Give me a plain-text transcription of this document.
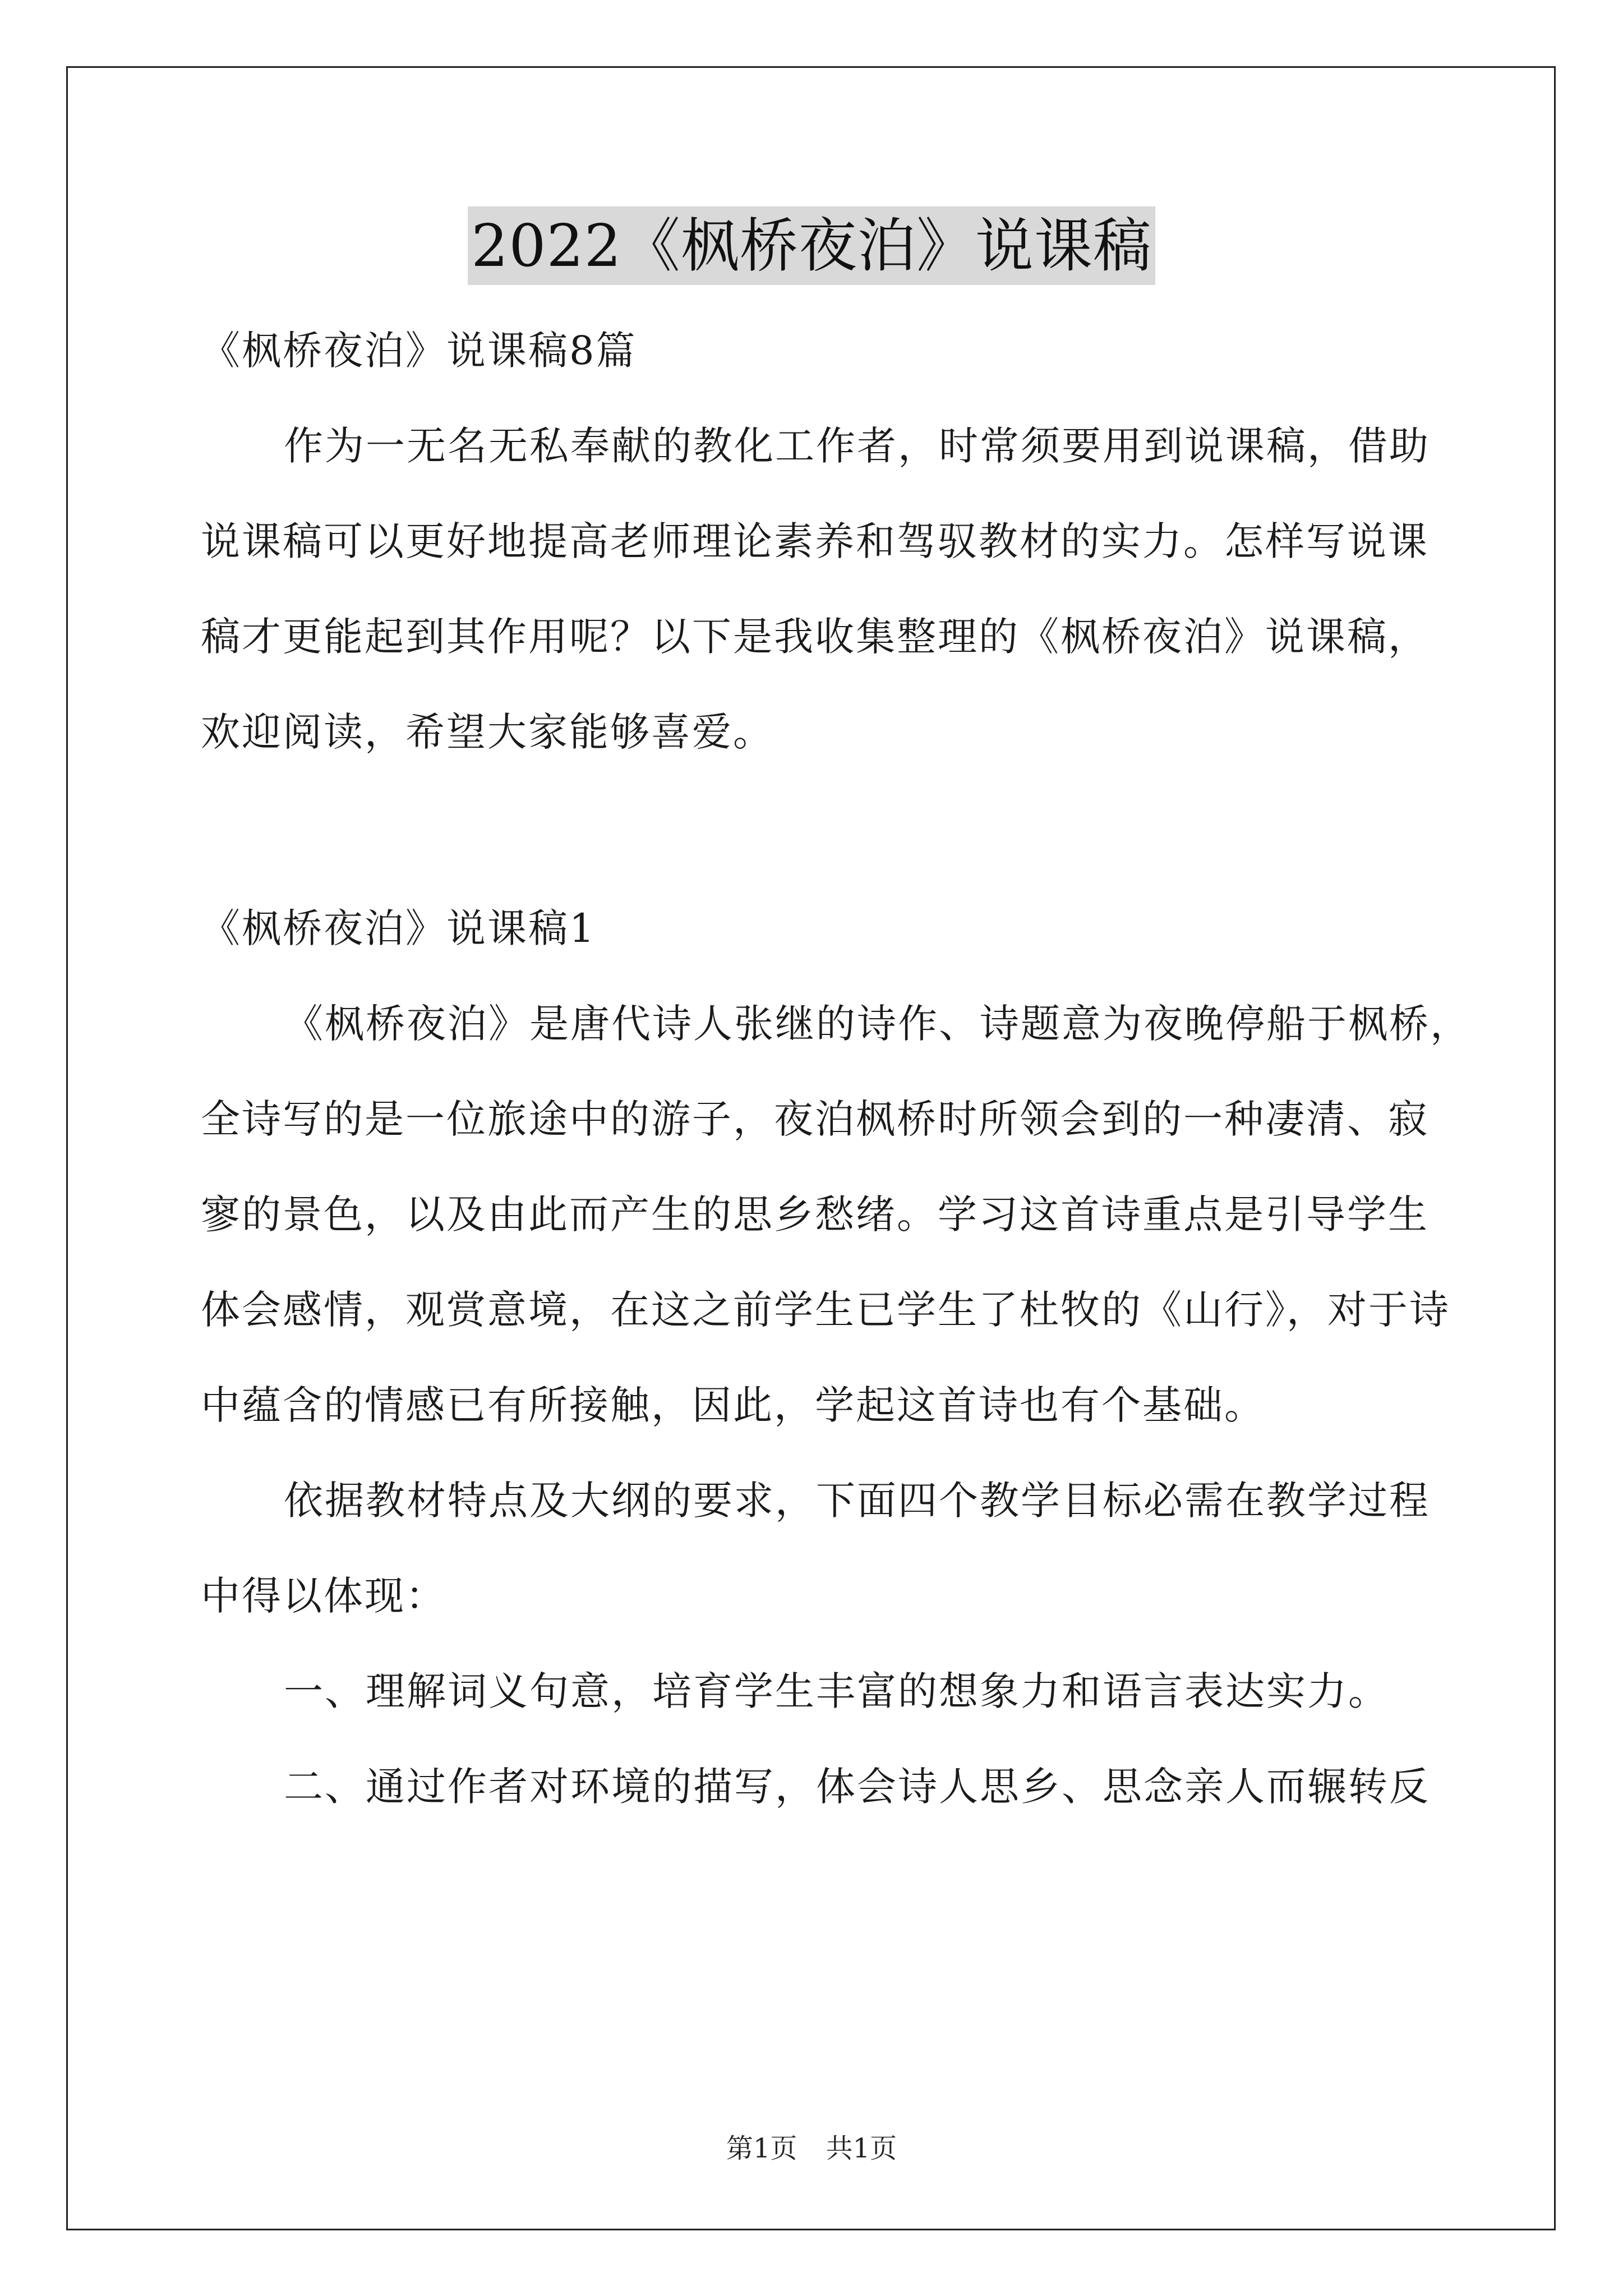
2022《枫桥夜泊》说课稿
《枫桥夜泊》说课稿8篇
作为一无名无私奉献的教化工作者，时常须要用到说课稿，借助
说课稿可以更好地提高老师理论素养和驾驭教材的实力。怎样写说课
稿才更能起到其作用呢？以下是我收集整理的《枫桥夜泊》说课稿，
欢迎阅读，希望大家能够喜爱。
《枫桥夜泊》说课稿1
《枫桥夜泊》是唐代诗人张继的诗作、诗题意为夜晚停船于枫桥，
全诗写的是一位旅途中的游子，夜泊枫桥时所领会到的一种凄清、寂
寥的景色，以及由此而产生的思乡愁绪。学习这首诗重点是引导学生
体会感情，观赏意境，在这之前学生已学生了杜牧的《山行》，对于诗
中蕴含的情感已有所接触，因此，学起这首诗也有个基础。
依据教材特点及大纲的要求，下面四个教学目标必需在教学过程
中得以体现：
一、理解词义句意，培育学生丰富的想象力和语言表达实力。
二、通过作者对环境的描写，体会诗人思乡、思念亲人而辗转反
第1页 共1页
